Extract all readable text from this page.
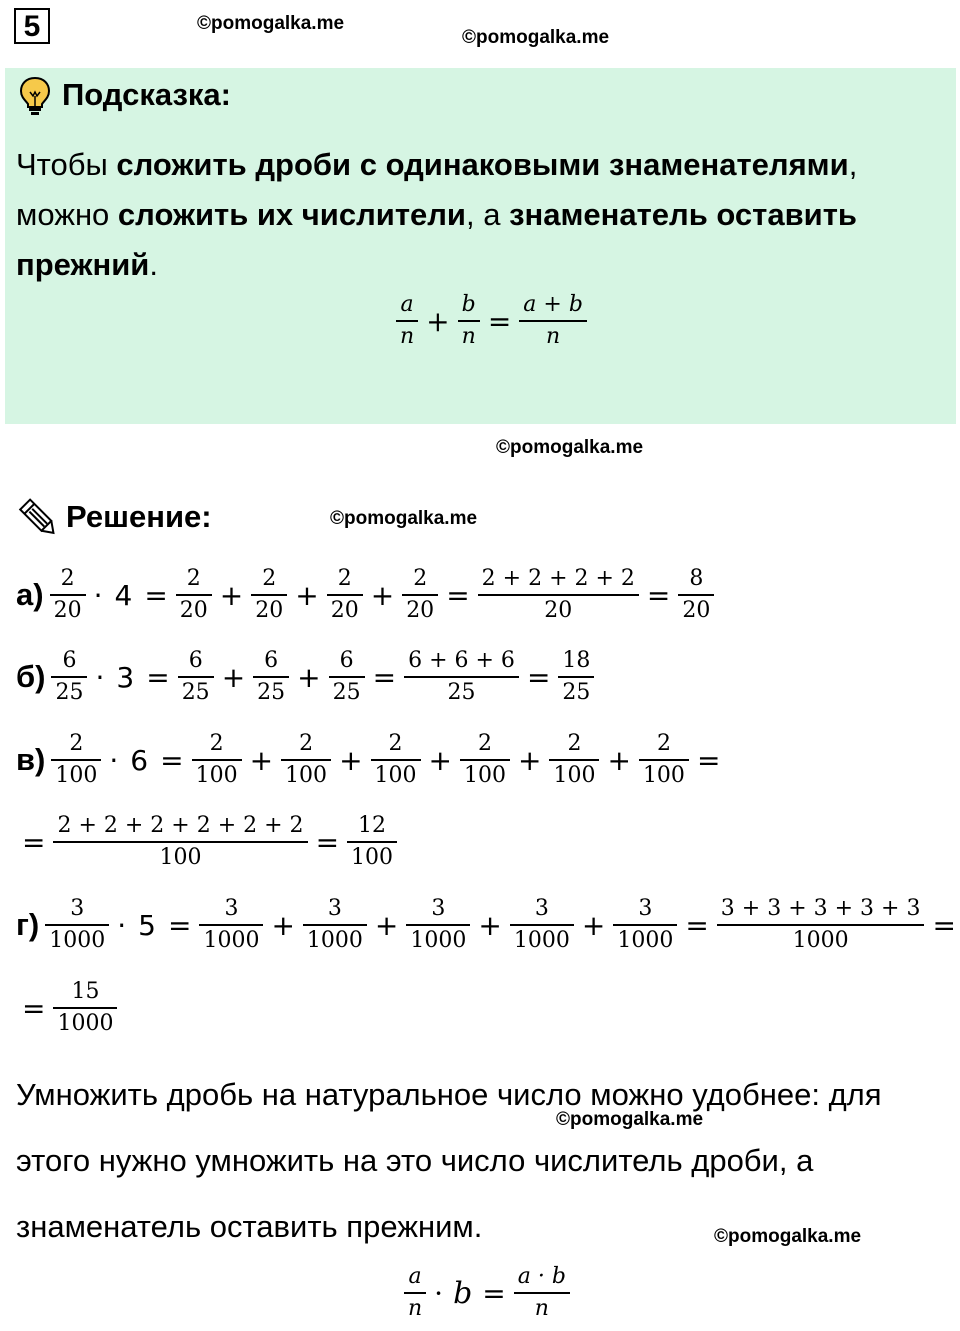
5	©pomogalka.me
©pomogalka.me
Подсказка:
Чтобы сложить дроби с одинаковыми знаменателями, можно сложить их числители, а знаменатель оставить прежний.
$\frac{a}{n} + \frac{b}{n} = \frac{a + b}{n}$
©pomogalka.me
Решение:	©pomogalka.me
$а) \frac{2}{20} \cdot 4 = \frac{2}{20} + \frac{2}{20} + \frac{2}{20} + \frac{2}{20} = \frac{2 + 2 + 2 + 2}{20} = \frac{8}{20}$
$б) \frac{6}{25} \cdot 3 = \frac{6}{25} + \frac{6}{25} + \frac{6}{25} = \frac{6 + 6 + 6}{25} = \frac{18}{25}$
$в) \frac{2}{100} \cdot 6 = \frac{2}{100} + \frac{2}{100} + \frac{2}{100} + \frac{2}{100} + \frac{2}{100} + \frac{2}{100}$ =
= $\frac{2 + 2 + 2 + 2 + 2 + 2}{100} = \frac{12}{100}$
$г) \frac{3}{1000} \cdot 5 = \frac{3}{1000} + \frac{3}{1000} + \frac{3}{1000} + \frac{3}{1000} + \frac{3}{1000} = \frac{3 + 3 + 3 + 3 + 3}{1000}$ =
= $\frac{15}{1000}$
Умножить дробь на натуральное число можно удобнее: для этого нужно умножить на это число числитель дроби, а знаменатель оставить прежним.
©pomogalka.me
©pomogalka.me
$\frac{a}{n} \cdot b = \frac{a \cdot b}{n}$
